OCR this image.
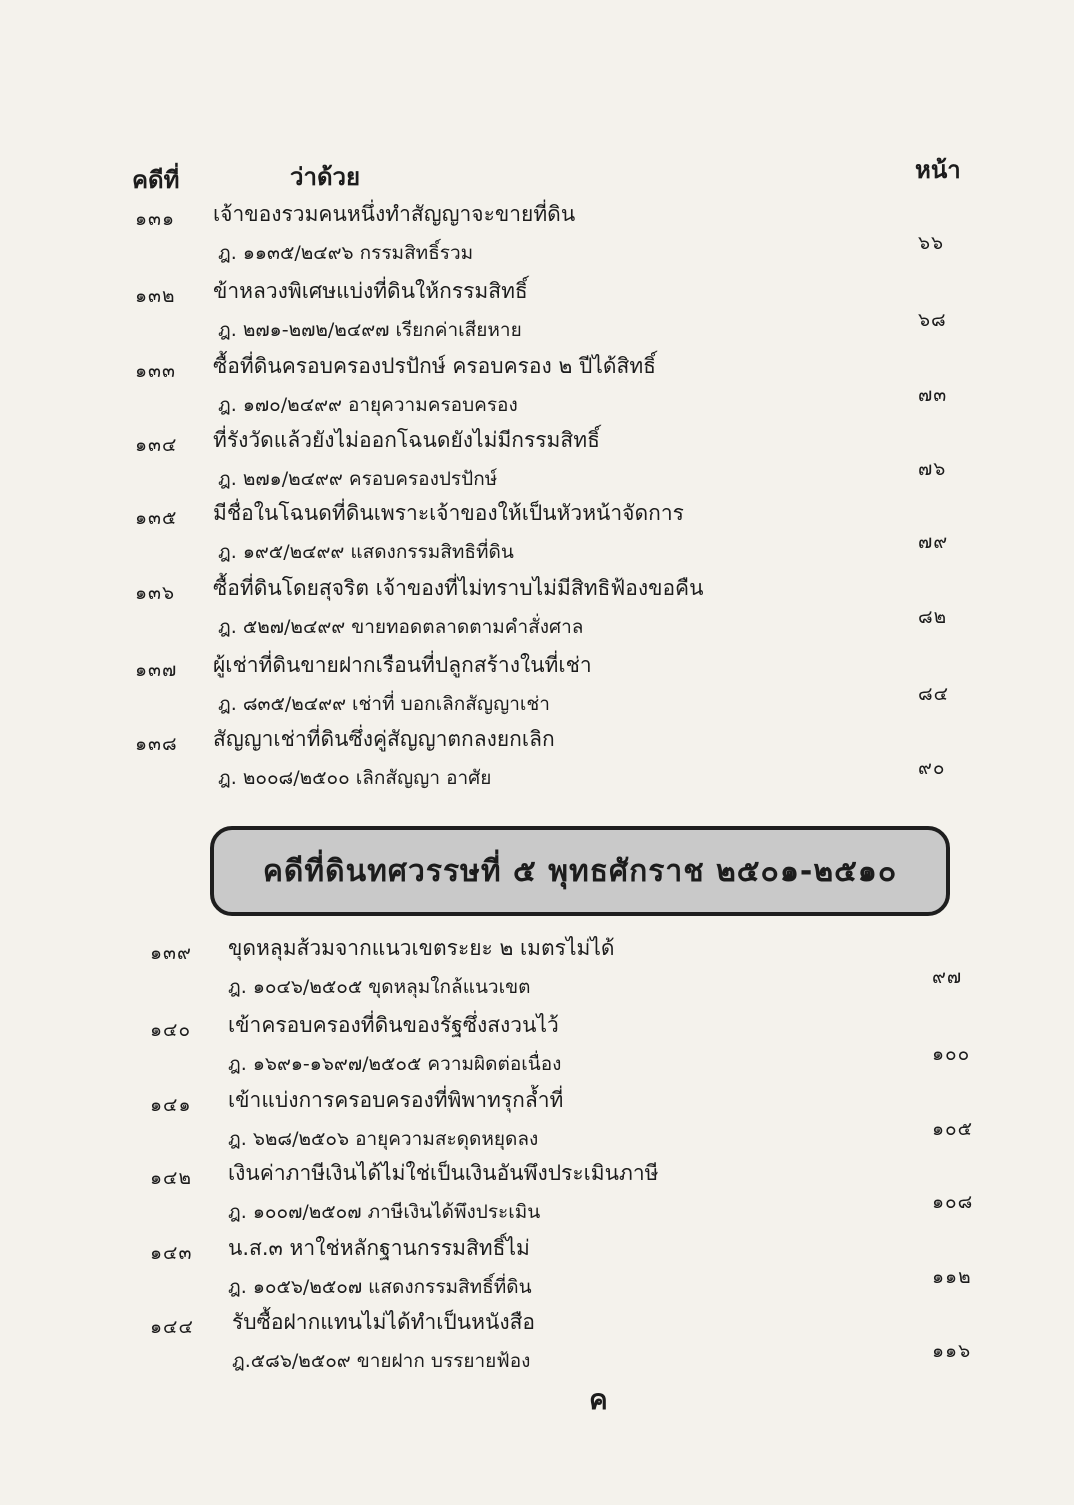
คดีที่	ว่าด้วย	หน้า
๑๓๑ เจ้าของรวมคนหนึ่งทำสัญญาจะขายที่ดิน
ฎ. ๑๑๓๕/๒๔๙๖ กรรมสิทธิ์รวม	๖๖
๑๓๒ ข้าหลวงพิเศษแบ่งที่ดินให้กรรมสิทธิ์
ฎ. ๒๗๑-๒๗๒/๒๔๙๗ เรียกค่าเสียหาย	๖๘
๑๓๓ ซื้อที่ดินครอบครองปรปักษ์ ครอบครอง ๒ ปีได้สิทธิ์
ฎ. ๑๗๐/๒๔๙๙ อายุความครอบครอง	๗๓
๑๓๔ ที่รังวัดแล้วยังไม่ออกโฉนดยังไม่มีกรรมสิทธิ์
ฎ. ๒๗๑/๒๔๙๙ ครอบครองปรปักษ์	๗๖
๑๓๕ มีชื่อในโฉนดที่ดินเพราะเจ้าของให้เป็นหัวหน้าจัดการ
ฎ. ๑๙๕/๒๔๙๙ แสดงกรรมสิทธิที่ดิน	๗๙
๑๓๖ ซื้อที่ดินโดยสุจริต เจ้าของที่ไม่ทราบไม่มีสิทธิฟ้องขอคืน
ฎ. ๕๒๗/๒๔๙๙ ขายทอดตลาดตามคำสั่งศาล	๘๒
๑๓๗ ผู้เช่าที่ดินขายฝากเรือนที่ปลูกสร้างในที่เช่า
ฎ. ๘๓๕/๒๔๙๙ เช่าที่ บอกเลิกสัญญาเช่า	๘๔
๑๓๘ สัญญาเช่าที่ดินซึ่งคู่สัญญาตกลงยกเลิก
ฎ. ๒๐๐๘/๒๕๐๐ เลิกสัญญา อาศัย	๙๐
คดีที่ดินทศวรรษที่ ๕ พุทธศักราช ๒๕๐๑-๒๕๑๐
๑๓๙ ขุดหลุมส้วมจากแนวเขตระยะ ๒ เมตรไม่ได้
ฎ. ๑๐๔๖/๒๕๐๕ ขุดหลุมใกล้แนวเขต	๙๗
๑๔๐ เข้าครอบครองที่ดินของรัฐซึ่งสงวนไว้
ฎ. ๑๖๙๑-๑๖๙๗/๒๕๐๕ ความผิดต่อเนื่อง	๑๐๐
๑๔๑ เข้าแบ่งการครอบครองที่พิพาทรุกล้ำที่
ฎ. ๖๒๘/๒๕๐๖ อายุความสะดุดหยุดลง	๑๐๕
๑๔๒ เงินค่าภาษีเงินได้ไม่ใช่เป็นเงินอันพึงประเมินภาษี
ฎ. ๑๐๐๗/๒๕๐๗ ภาษีเงินได้พึงประเมิน	๑๐๘
๑๔๓ น.ส.๓ หาใช่หลักฐานกรรมสิทธิ์ไม่
ฎ. ๑๐๕๖/๒๕๐๗ แสดงกรรมสิทธิ์ที่ดิน	๑๑๒
๑๔๔ รับซื้อฝากแทนไม่ได้ทำเป็นหนังสือ
ฎ.๕๘๖/๒๕๐๙ ขายฝาก บรรยายฟ้อง	๑๑๖
ค
